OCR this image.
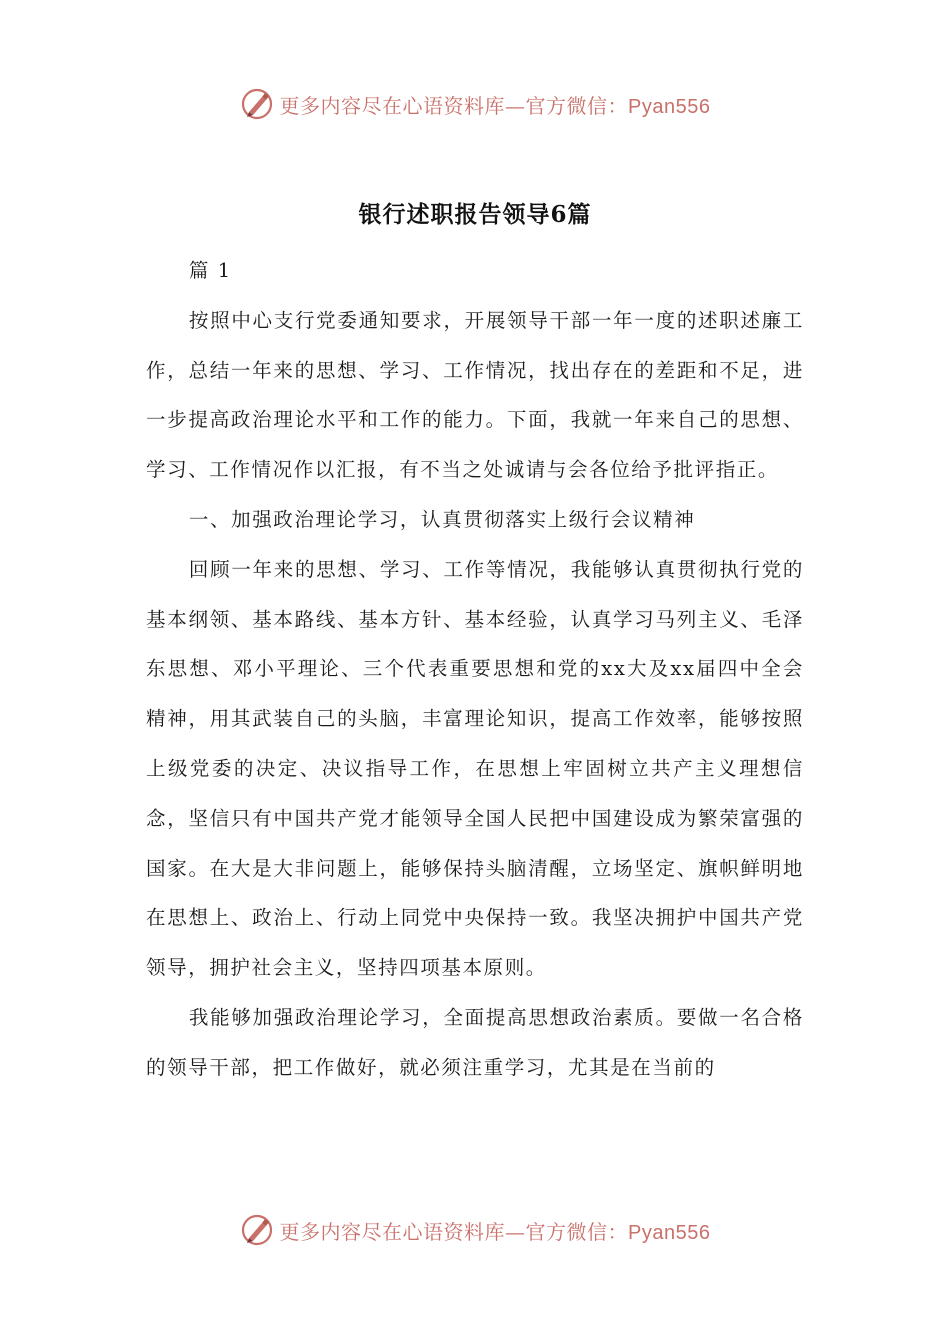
更多内容尽在心语资料库—官方微信：Pyan556
银行述职报告领导6篇

篇 1

按照中心支行党委通知要求，开展领导干部一年一度的述职述廉工作，总结一年来的思想、学习、工作情况，找出存在的差距和不足，进一步提高政治理论水平和工作的能力。下面，我就一年来自己的思想、学习、工作情况作以汇报，有不当之处诚请与会各位给予批评指正。

一、加强政治理论学习，认真贯彻落实上级行会议精神

回顾一年来的思想、学习、工作等情况，我能够认真贯彻执行党的基本纲领、基本路线、基本方针、基本经验，认真学习马列主义、毛泽东思想、邓小平理论、三个代表重要思想和党的xx大及xx届四中全会精神，用其武装自己的头脑，丰富理论知识，提高工作效率，能够按照上级党委的决定、决议指导工作，在思想上牢固树立共产主义理想信念，坚信只有中国共产党才能领导全国人民把中国建设成为繁荣富强的国家。在大是大非问题上，能够保持头脑清醒，立场坚定、旗帜鲜明地在思想上、政治上、行动上同党中央保持一致。我坚决拥护中国共产党领导，拥护社会主义，坚持四项基本原则。

我能够加强政治理论学习，全面提高思想政治素质。要做一名合格的领导干部，把工作做好，就必须注重学习，尤其是在当前的

更多内容尽在心语资料库—官方微信：Pyan556
